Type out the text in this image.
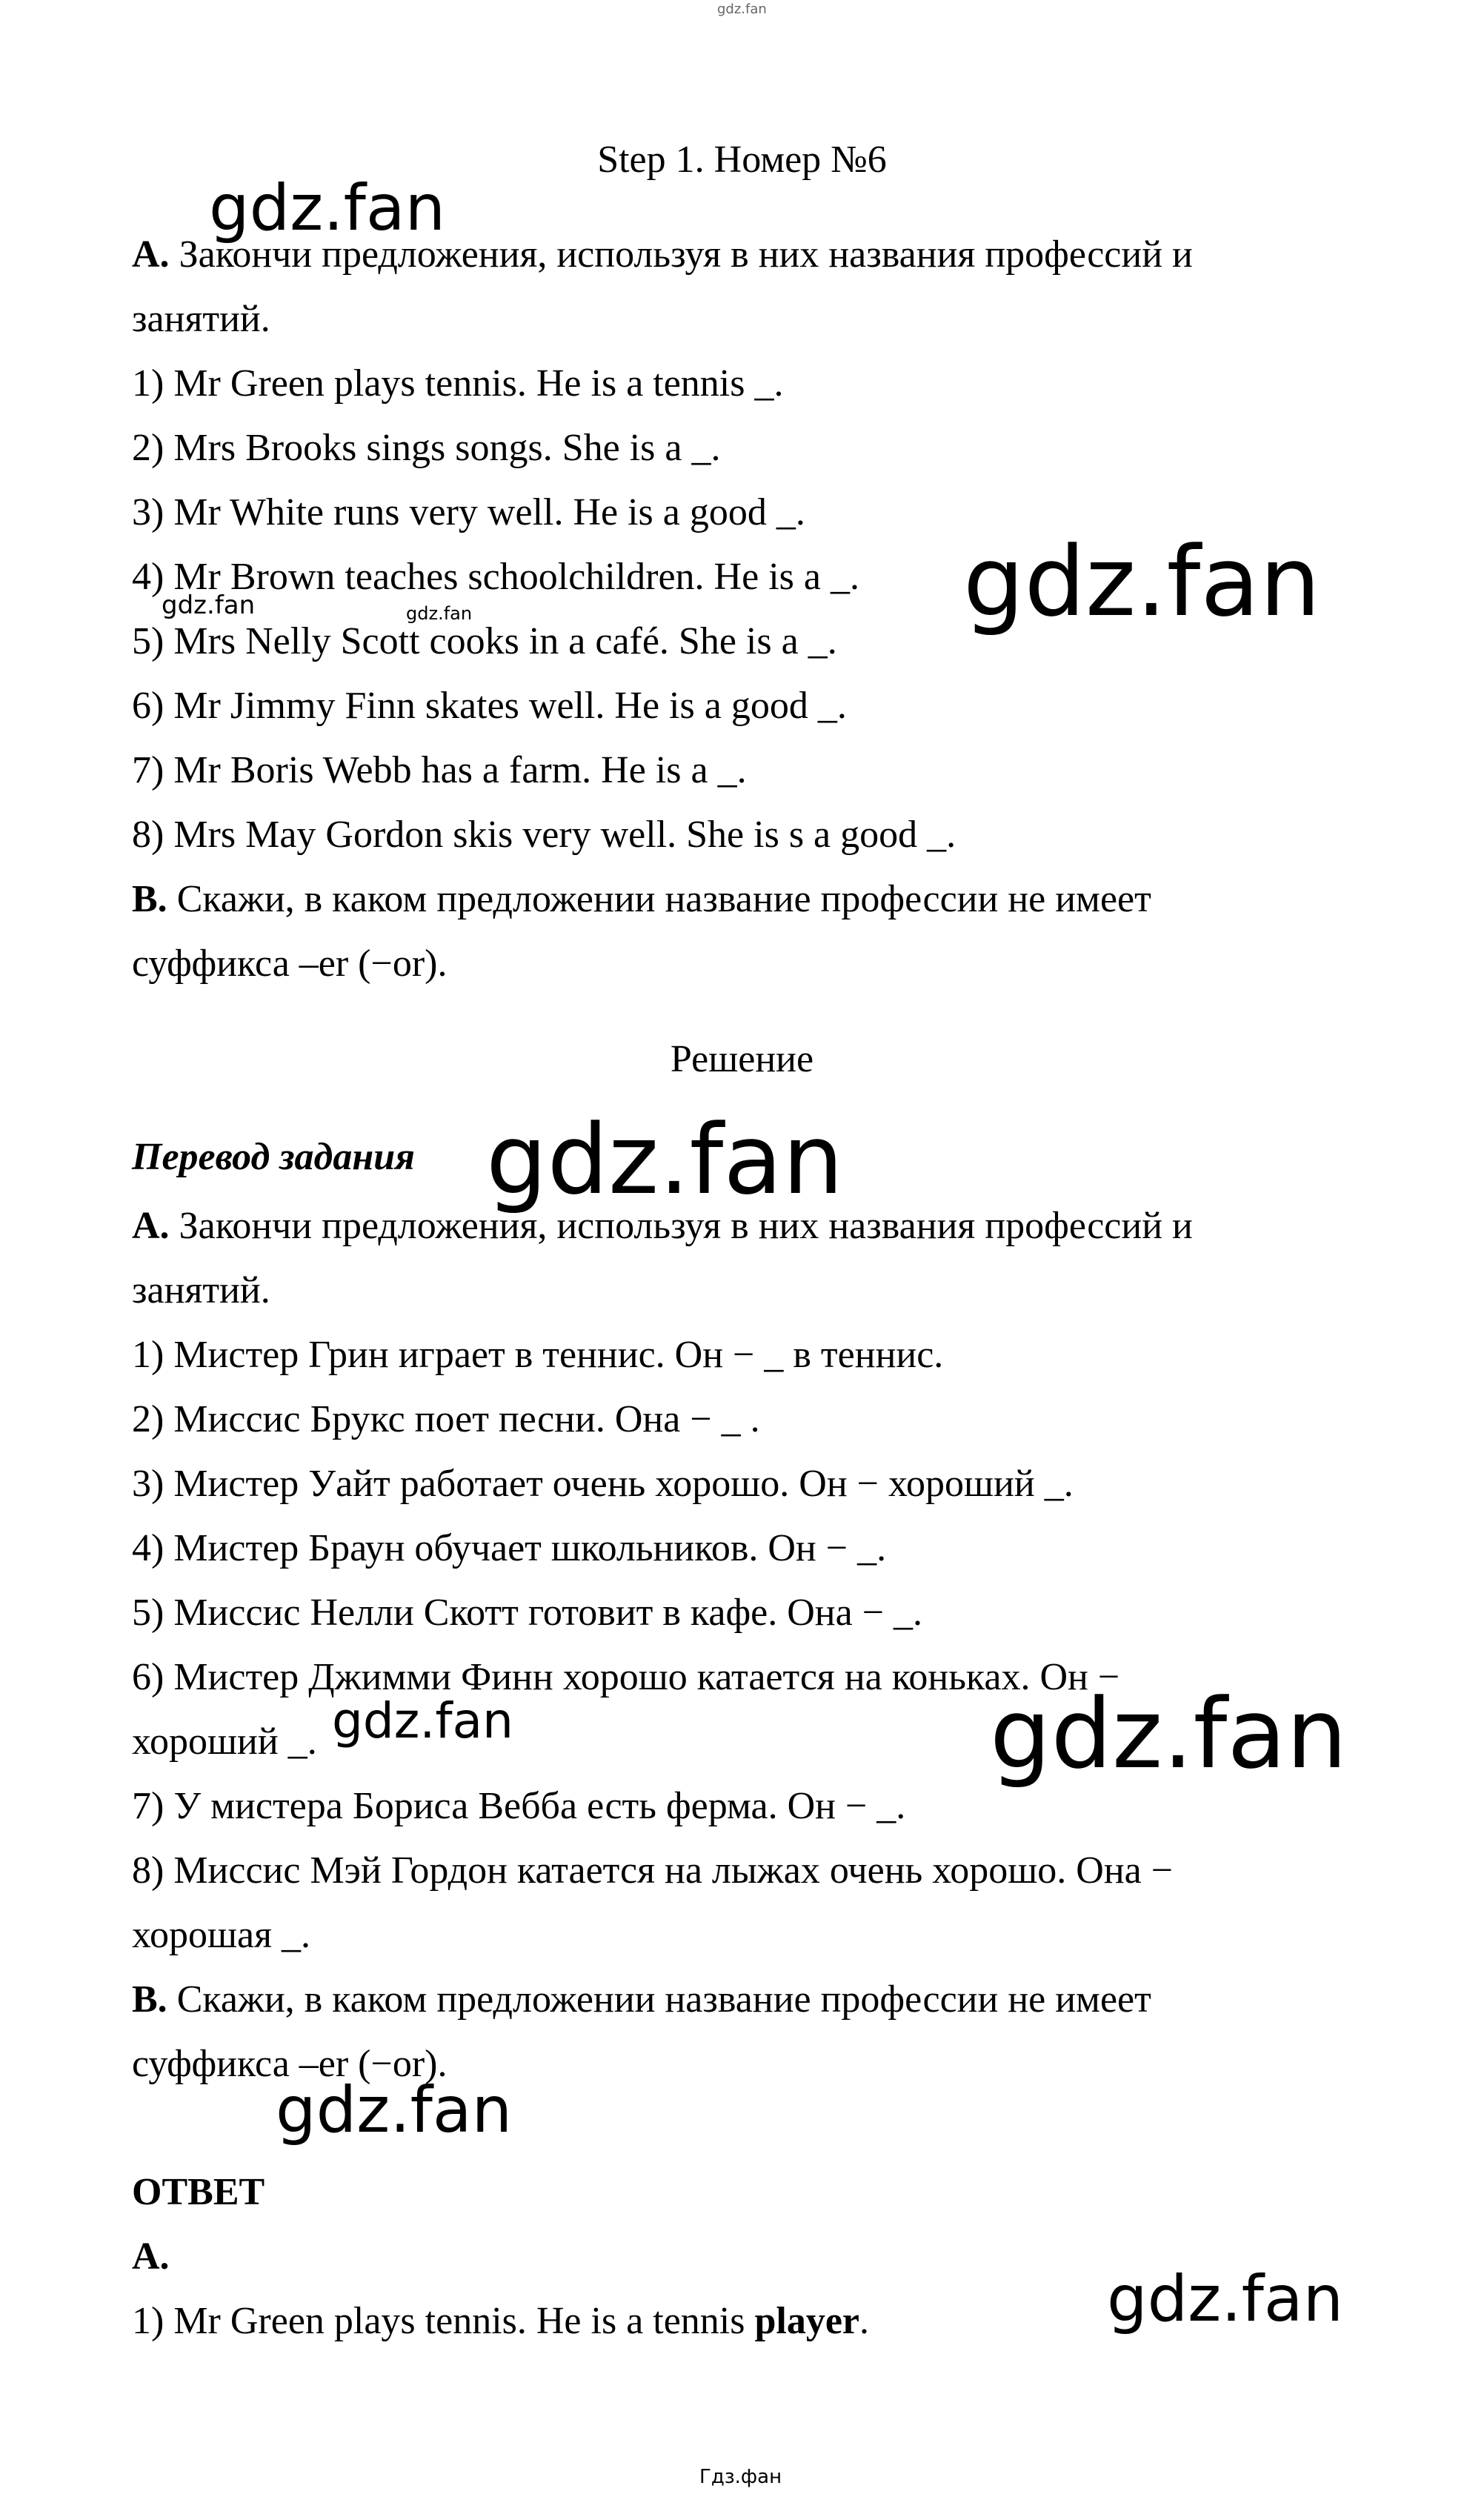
gdz.fan
Step 1. Номер №6
A. Закончи предложения, используя в них названия профессий и
занятий.
1) Mr Green plays tennis. He is a tennis _.
2) Mrs Brooks sings songs. She is a _.
3) Mr White runs very well. He is a good _.
4) Mr Brown teaches schoolchildren. He is a _.
5) Mrs Nelly Scott cooks in a café. She is a _.
6) Mr Jimmy Finn skates well. He is a good _.
7) Mr Boris Webb has a farm. He is a _.
8) Mrs May Gordon skis very well. She is s a good _.
B. Скажи, в каком предложении название профессии не имеет
суффикса –er (−or).
Решение
Перевод задания
A. Закончи предложения, используя в них названия профессий и
занятий.
1) Мистер Грин играет в теннис. Он − _ в теннис.
2) Миссис Брукс поет песни. Она − _ .
3) Мистер Уайт работает очень хорошо. Он − хороший _.
4) Мистер Браун обучает школьников. Он − _.
5) Миссис Нелли Скотт готовит в кафе. Она − _.
6) Мистер Джимми Финн хорошо катается на коньках. Он −
хороший _.
7) У мистера Бориса Вебба есть ферма. Он − _.
8) Миссис Мэй Гордон катается на лыжах очень хорошо. Она −
хорошая _.
B. Скажи, в каком предложении название профессии не имеет
суффикса –er (−or).
ОТВЕТ
A.
1) Mr Green plays tennis. He is a tennis player.
gdz.fan
gdz.fan
gdz.fan	gdz.fan
gdz.fan
gdz.fan	gdz.fan
gdz.fan
gdz.fan
Гдз.фан
